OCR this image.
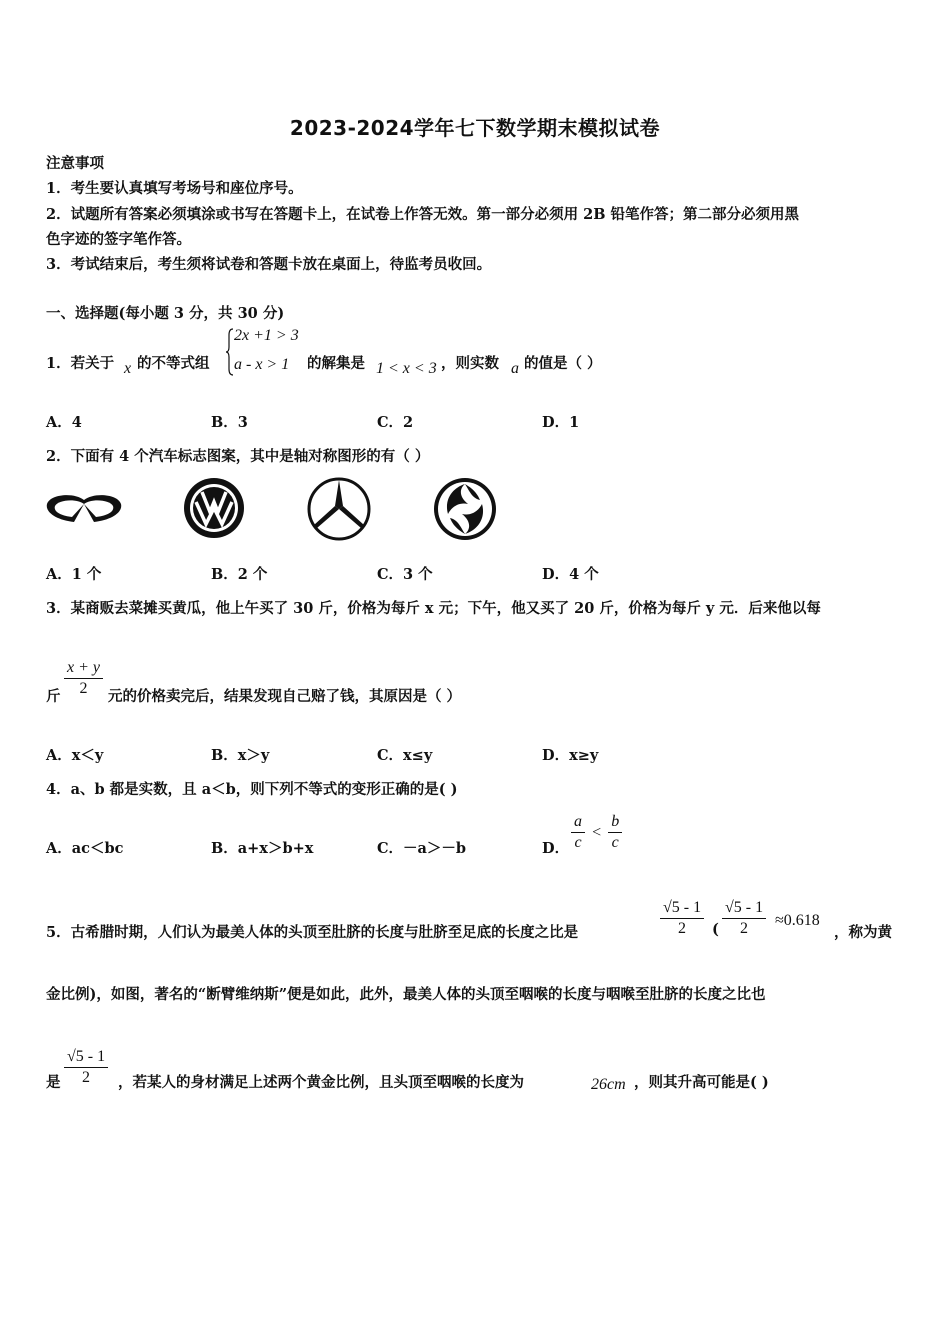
2023-2024学年七下数学期末模拟试卷
注意事项
1．考生要认真填写考场号和座位序号。
2．试题所有答案必须填涂或书写在答题卡上，在试卷上作答无效。第一部分必须用 2B 铅笔作答；第二部分必须用黑
色字迹的签字笔作答。
3．考试结束后，考生须将试卷和答题卡放在桌面上，待监考员收回。
一、选择题(每小题 3 分，共 30 分)
1．若关于 x 的不等式组
2x +1 > 3
a - x > 1 的解集是 1 < x < 3 ，则实数 a 的值是（ ）
A．4	B．3	C．2	D．1
2．下面有 4 个汽车标志图案，其中是轴对称图形的有（ ）
A．1 个	B．2 个	C．3 个	D．4 个
3．某商贩去菜摊买黄瓜，他上午买了 30 斤，价格为每斤 x 元；下午，他又买了 20 斤，价格为每斤 y 元．后来他以每
斤 $\frac{x + y}{2}$ 元的价格卖完后，结果发现自己赔了钱，其原因是（ ）
A．x＜y	B．x＞y	C．x≤y	D．x≥y
4．a、b 都是实数，且 a＜b，则下列不等式的变形正确的是( )
A．ac＜bc	B．a+x＞b+x	C．－a＞－b	D． $\frac{a}{c} < \frac{b}{c}$
5．古希腊时期，人们认为最美人体的头顶至肚脐的长度与肚脐至足底的长度之比是	$\frac{√5 - 1}{2}$ ( $\frac{√5 - 1}{2} \approx 0.618$
，称为黄
金比例)，如图，著名的“断臂维纳斯”便是如此，此外，最美人体的头顶至咽喉的长度与咽喉至肚脐的长度之比也
是 $\frac{√5 - 1}{2}$ ，若某人的身材满足上述两个黄金比例，且头顶至咽喉的长度为	26cm ，则其升高可能是( )
